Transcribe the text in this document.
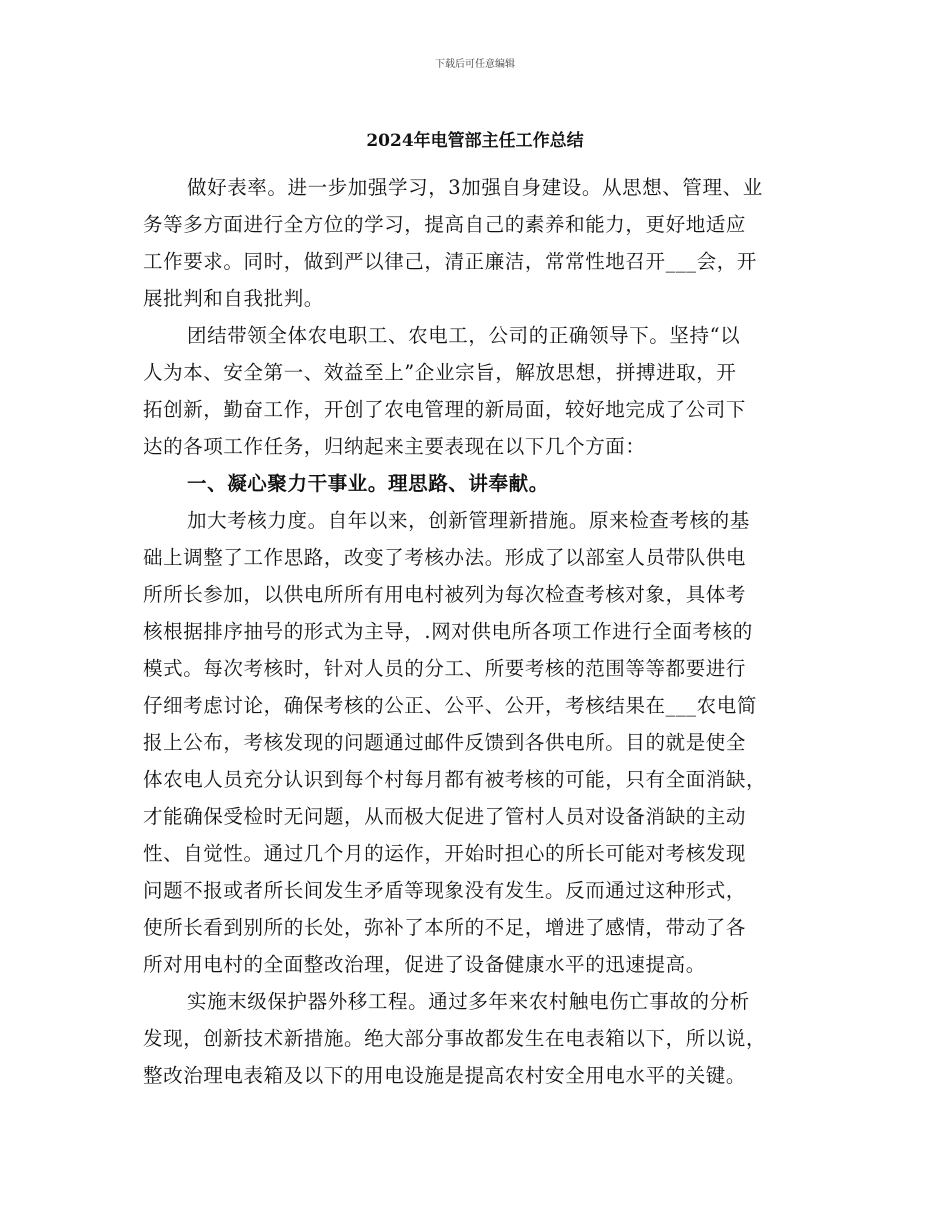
下载后可任意编辑
2024年电管部主任工作总结
做好表率。进一步加强学习，3加强自身建设。从思想、管理、业
务等多方面进行全方位的学习，提高自己的素养和能力，更好地适应
工作要求。同时，做到严以律己，清正廉洁，常常性地召开___会，开
展批判和自我批判。
团结带领全体农电职工、农电工，公司的正确领导下。坚持“以
人为本、安全第一、效益至上”企业宗旨，解放思想，拼搏进取，开
拓创新，勤奋工作，开创了农电管理的新局面，较好地完成了公司下
达的各项工作任务，归纳起来主要表现在以下几个方面：
一、凝心聚力干事业。理思路、讲奉献。
加大考核力度。自年以来，创新管理新措施。原来检查考核的基
础上调整了工作思路，改变了考核办法。形成了以部室人员带队供电
所所长参加，以供电所所有用电村被列为每次检查考核对象，具体考
核根据排序抽号的形式为主导，.网对供电所各项工作进行全面考核的
模式。每次考核时，针对人员的分工、所要考核的范围等等都要进行
仔细考虑讨论，确保考核的公正、公平、公开，考核结果在___农电简
报上公布，考核发现的问题通过邮件反馈到各供电所。目的就是使全
体农电人员充分认识到每个村每月都有被考核的可能，只有全面消缺，
才能确保受检时无问题，从而极大促进了管村人员对设备消缺的主动
性、自觉性。通过几个月的运作，开始时担心的所长可能对考核发现
问题不报或者所长间发生矛盾等现象没有发生。反而通过这种形式，
使所长看到别所的长处，弥补了本所的不足，增进了感情，带动了各
所对用电村的全面整改治理，促进了设备健康水平的迅速提高。
实施末级保护器外移工程。通过多年来农村触电伤亡事故的分析
发现，创新技术新措施。绝大部分事故都发生在电表箱以下，所以说，
整改治理电表箱及以下的用电设施是提高农村安全用电水平的关键。
